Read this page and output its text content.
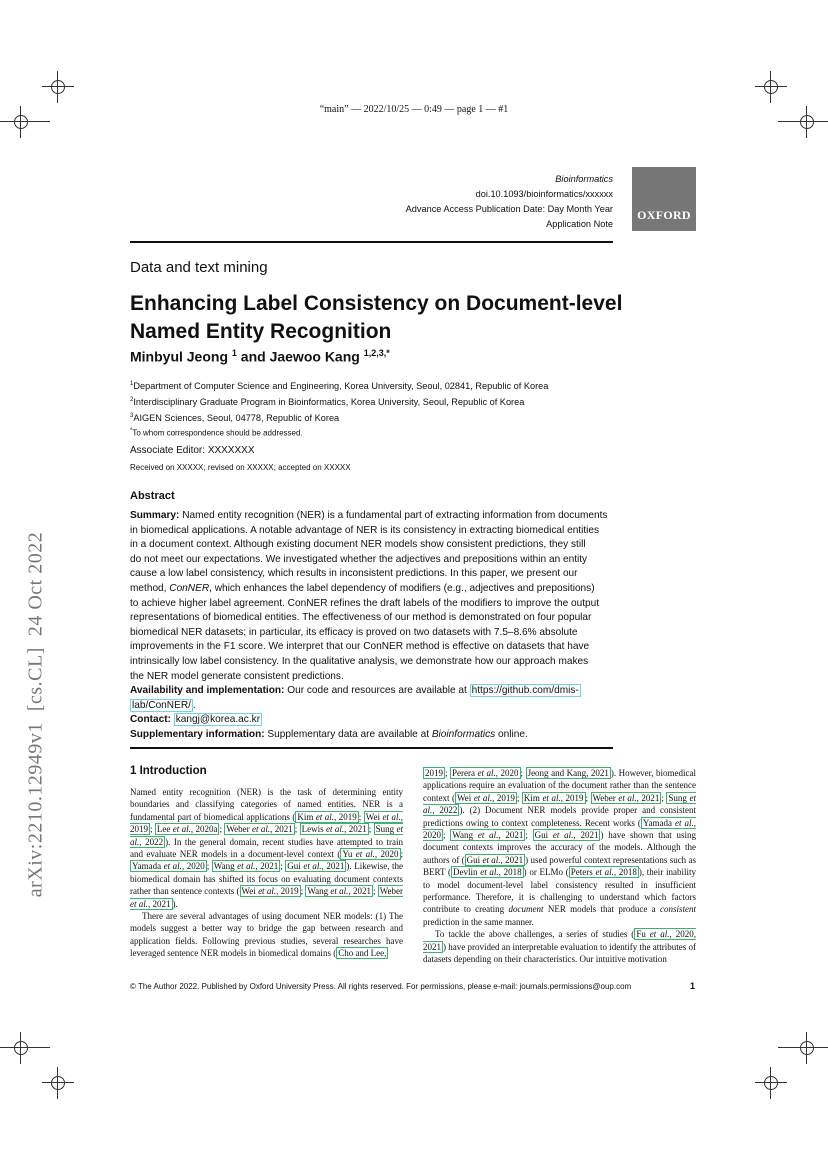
“main” — 2022/10/25 — 0:49 — page 1 — #1
arXiv:2210.12949v1  [cs.CL]  24 Oct 2022
Bioinformatics
doi.10.1093/bioinformatics/xxxxxx
Advance Access Publication Date: Day Month Year
Application Note
OXFORD
Data and text mining
Enhancing Label Consistency on Document-level
Named Entity Recognition
Minbyul Jeong $^1$ and Jaewoo Kang $^{1,2,3,*}$
$^1$Department of Computer Science and Engineering, Korea University, Seoul, 02841, Republic of Korea
$^2$Interdisciplinary Graduate Program in Bioinformatics, Korea University, Seoul, Republic of Korea
$^3$AIGEN Sciences, Seoul, 04778, Republic of Korea
*To whom correspondence should be addressed.
Associate Editor: XXXXXXX
Received on XXXXX; revised on XXXXX; accepted on XXXXX
Abstract
Summary: Named entity recognition (NER) is a fundamental part of extracting information from documents
in biomedical applications. A notable advantage of NER is its consistency in extracting biomedical entities
in a document context. Although existing document NER models show consistent predictions, they still
do not meet our expectations. We investigated whether the adjectives and prepositions within an entity
cause a low label consistency, which results in inconsistent predictions. In this paper, we present our
method, ConNER, which enhances the label dependency of modifiers (e.g., adjectives and prepositions)
to achieve higher label agreement. ConNER refines the draft labels of the modifiers to improve the output
representations of biomedical entities. The effectiveness of our method is demonstrated on four popular
biomedical NER datasets; in particular, its efficacy is proved on two datasets with 7.5–8.6% absolute
improvements in the F1 score. We interpret that our ConNER method is effective on datasets that have
intrinsically low label consistency. In the qualitative analysis, we demonstrate how our approach makes
the NER model generate consistent predictions.
Availability and implementation: Our code and resources are available at https://github.com/dmis-
lab/ConNER/ .
Contact: kangj@korea.ac.kr
Supplementary information: Supplementary data are available at Bioinformatics online.
1 Introduction

Named entity recognition (NER) is the task of determining entity boundaries and classifying categories of named entities. NER is a fundamental part of biomedical applications ( Kim et al., 2019 ; Wei et al., 2019 ; Lee et al., 2020a ; Weber et al., 2021 ; Lewis et al., 2021 ; Sung et al., 2022 ). In the general domain, recent studies have attempted to train and evaluate NER models in a document-level context ( Yu et al., 2020 ; Yamada et al., 2020 ; Wang et al., 2021 ; Gui et al., 2021 ). Likewise, the biomedical domain has shifted its focus on evaluating document contexts rather than sentence contexts ( Wei et al., 2019 ; Wang et al., 2021 ; Weber et al., 2021 ).

There are several advantages of using document NER models: (1) The models suggest a better way to bridge the gap between research and application fields. Following previous studies, several researches have leveraged sentence NER models in biomedical domains ( Cho and Lee,

2019 ; Perera et al., 2020 ; Jeong and Kang, 2021 ). However, biomedical applications require an evaluation of the document rather than the sentence context ( Wei et al., 2019 ; Kim et al., 2019 ; Weber et al., 2021 ; Sung et al., 2022 ). (2) Document NER models provide proper and consistent predictions owing to context completeness. Recent works ( Yamada et al., 2020 ; Wang et al., 2021 ; Gui et al., 2021 ) have shown that using document contexts improves the accuracy of the models. Although the authors of ( Gui et al., 2021 ) used powerful context representations such as BERT ( Devlin et al., 2018 ) or ELMo ( Peters et al., 2018 ), their inability to model document-level label consistency resulted in insufficient performance. Therefore, it is challenging to understand which factors contribute to creating document NER models that produce a consistent prediction in the same manner.

To tackle the above challenges, a series of studies ( Fu et al., 2020, 2021 ) have provided an interpretable evaluation to identify the attributes of datasets depending on their characteristics. Our intuitive motivation

© The Author 2022. Published by Oxford University Press. All rights reserved. For permissions, please e-mail: journals.permissions@oup.com	1
